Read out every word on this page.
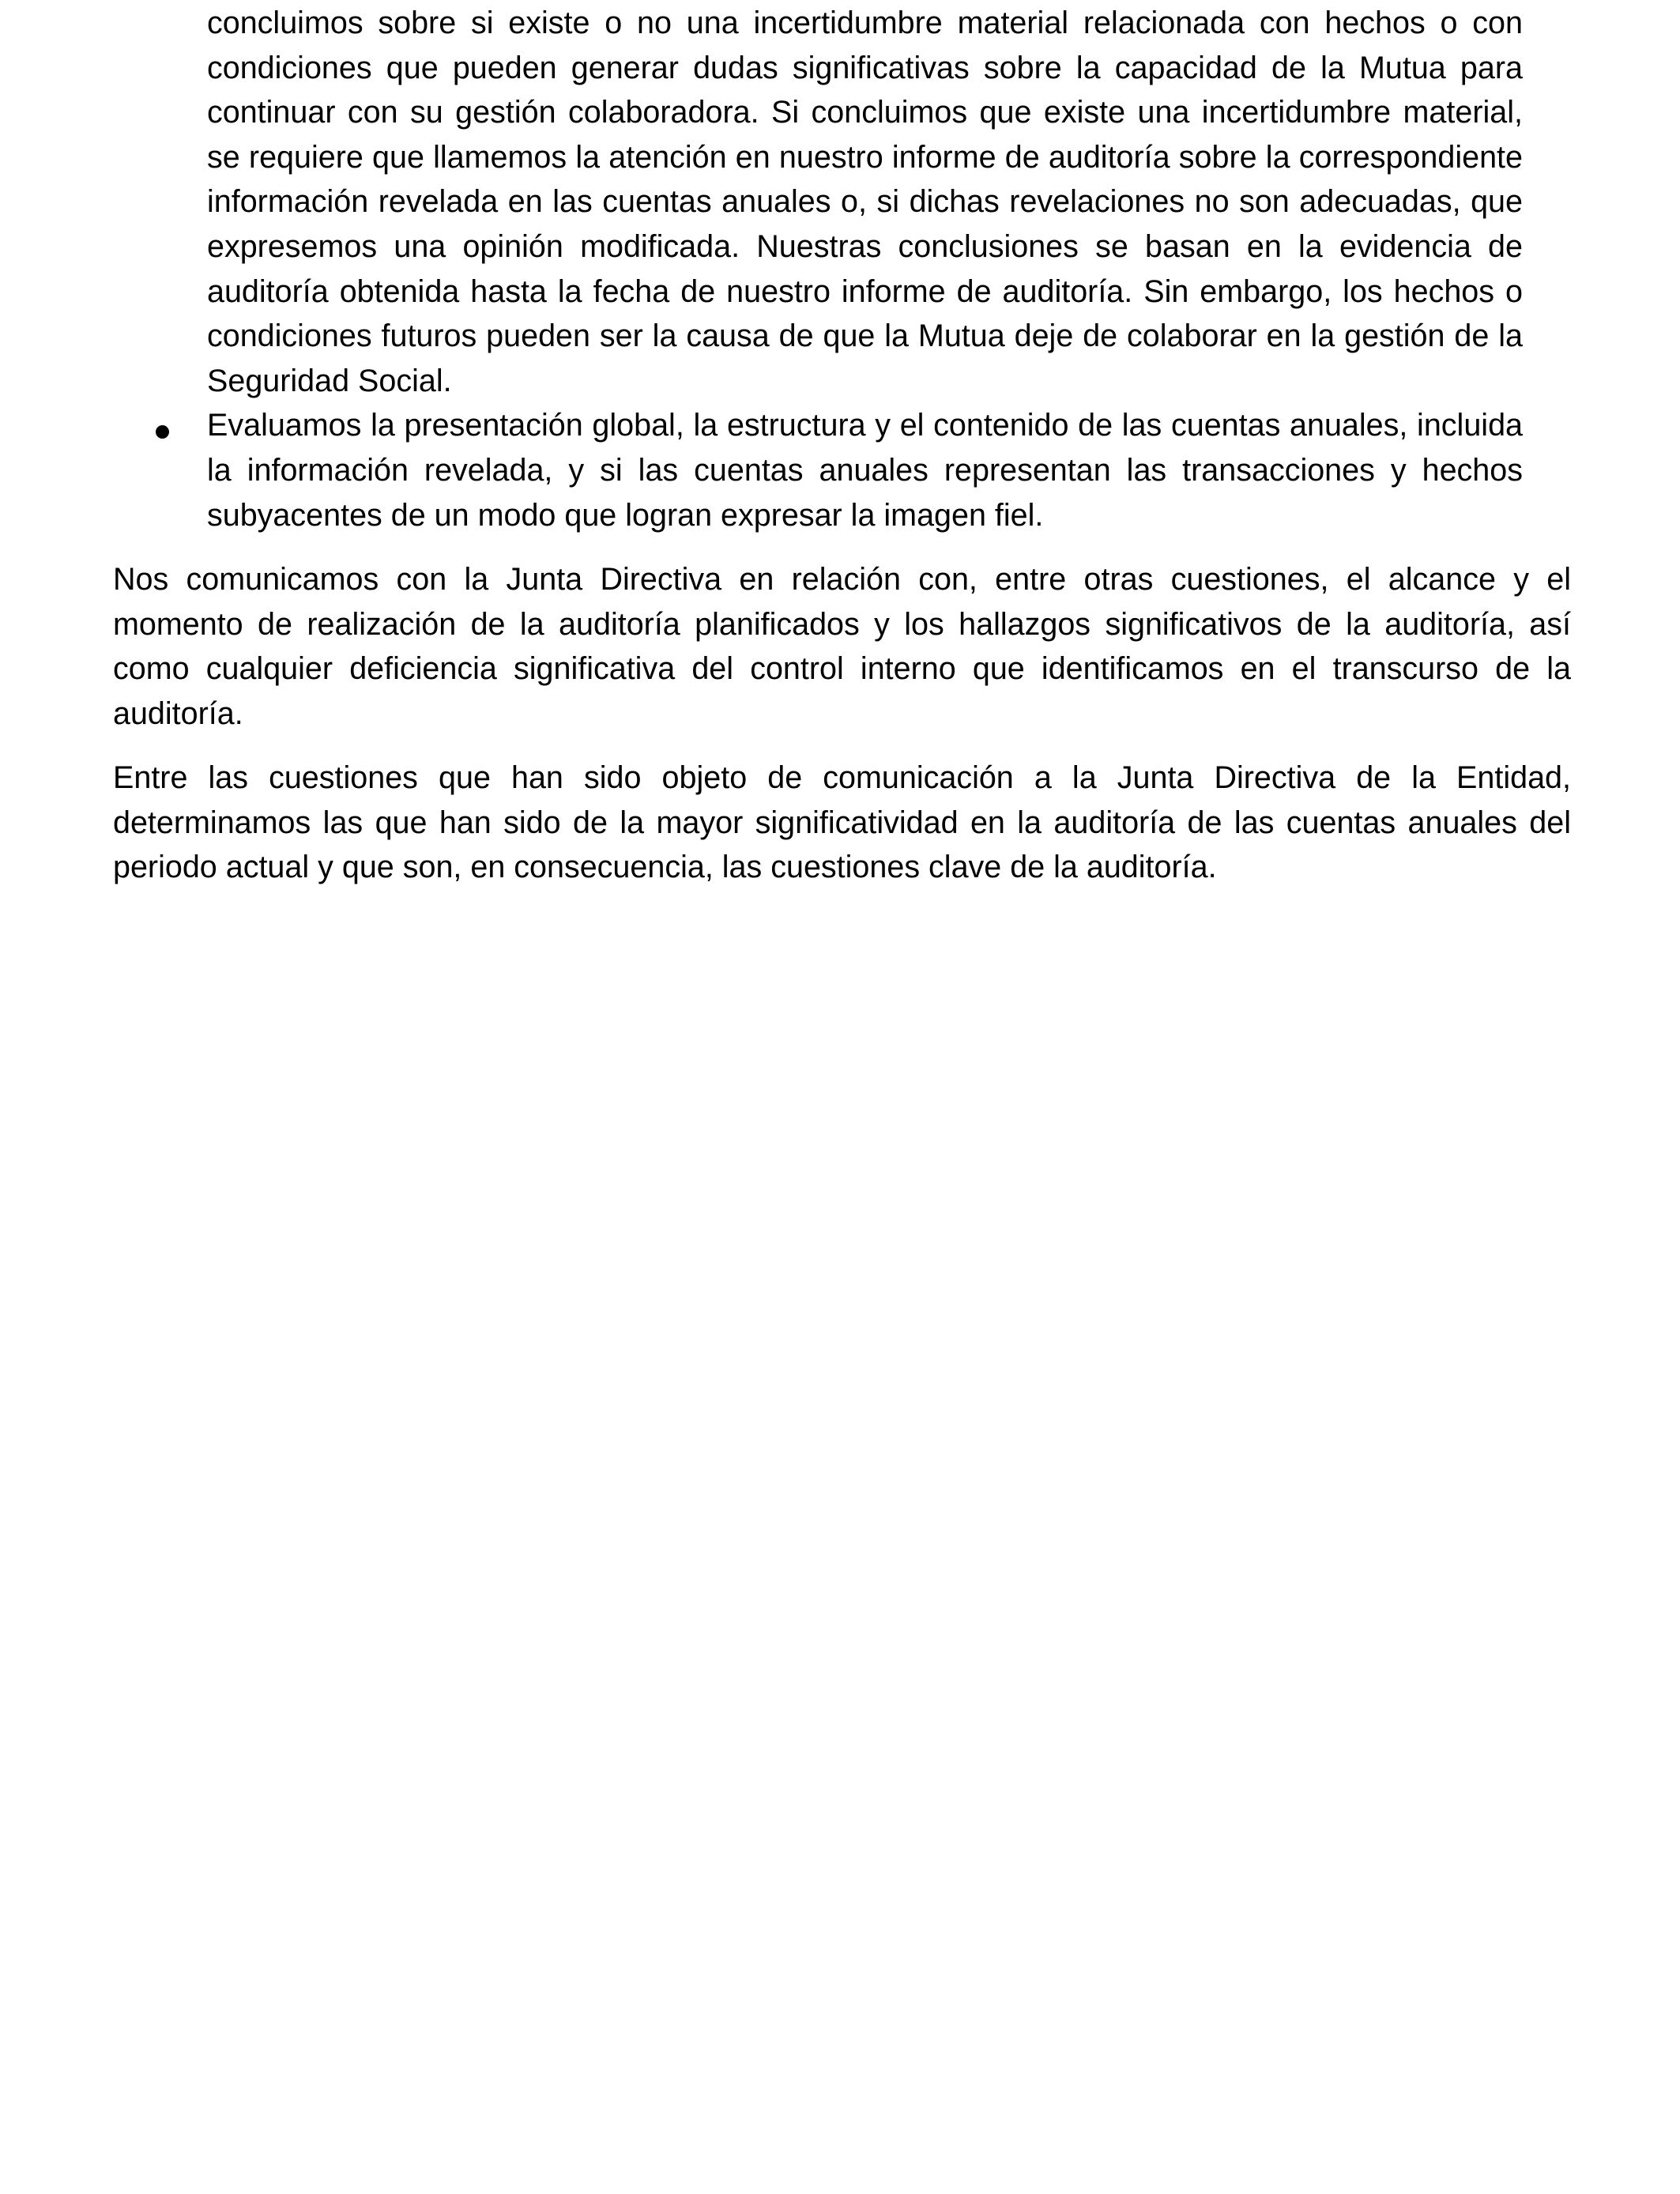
concluimos sobre si existe o no una incertidumbre material relacionada con hechos o con condiciones que pueden generar dudas significativas sobre la capacidad de la Mutua para continuar con su gestión colaboradora. Si concluimos que existe una incertidumbre material, se requiere que llamemos la atención en nuestro informe de auditoría sobre la correspondiente información revelada en las cuentas anuales o, si dichas revelaciones no son adecuadas, que expresemos una opinión modificada. Nuestras conclusiones se basan en la evidencia de auditoría obtenida hasta la fecha de nuestro informe de auditoría. Sin embargo, los hechos o condiciones futuros pueden ser la causa de que la Mutua deje de colaborar en la gestión de la Seguridad Social.

Evaluamos la presentación global, la estructura y el contenido de las cuentas anuales, incluida la información revelada, y si las cuentas anuales representan las transacciones y hechos subyacentes de un modo que logran expresar la imagen fiel.

Nos comunicamos con la Junta Directiva en relación con, entre otras cuestiones, el alcance y el momento de realización de la auditoría planificados y los hallazgos significativos de la auditoría, así como cualquier deficiencia significativa del control interno que identificamos en el transcurso de la auditoría.

Entre las cuestiones que han sido objeto de comunicación a la Junta Directiva de la Entidad, determinamos las que han sido de la mayor significatividad en la auditoría de las cuentas anuales del periodo actual y que son, en consecuencia, las cuestiones clave de la auditoría.
